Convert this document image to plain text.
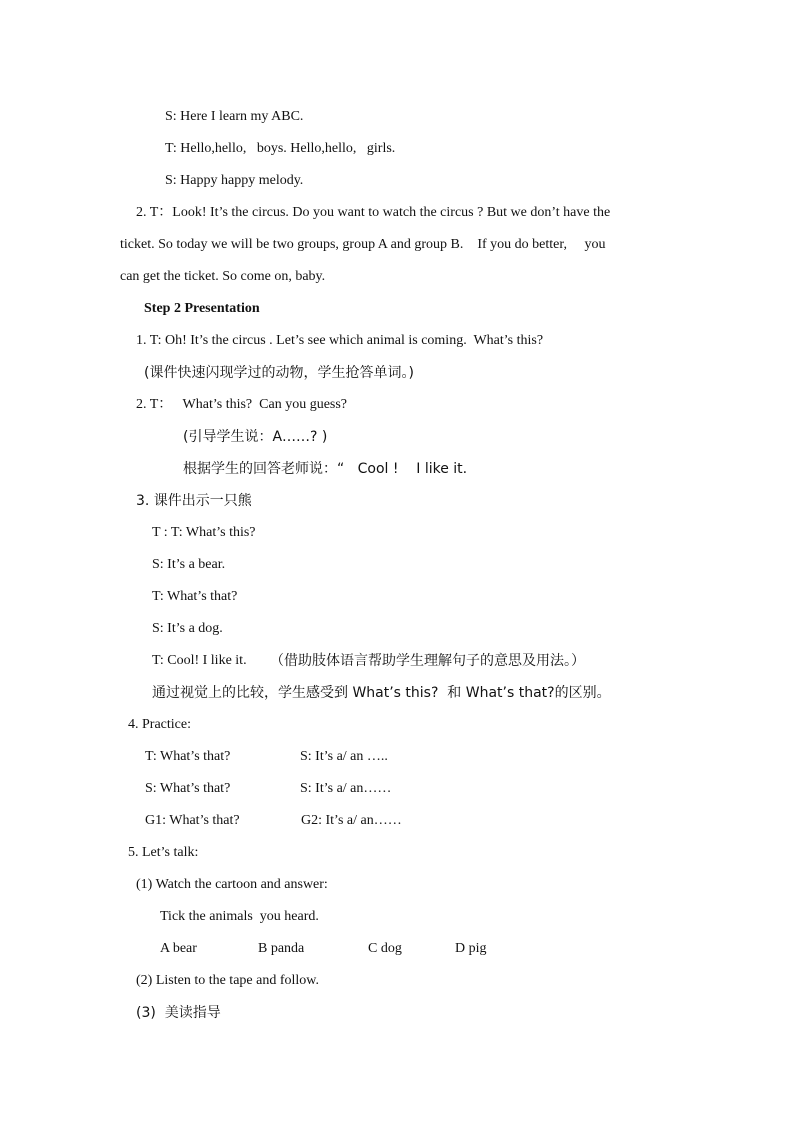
S: Here I learn my ABC.
T: Hello,hello,   boys. Hello,hello,   girls.
S: Happy happy melody.
2. T：Look! It’s the circus. Do you want to watch the circus ? But we don’t have the
ticket. So today we will be two groups, group A and group B.    If you do better,     you
can get the ticket. So come on, baby.
Step 2 Presentation
1. T: Oh! It’s the circus . Let’s see which animal is coming.  What’s this?
(课件快速闪现学过的动物，学生抢答单词。)
2. T：   What’s this?  Can you guess?
(引导学生说：A……? )
根据学生的回答老师说：“   Cool !    I like it.
3. 课件出示一只熊
T : T: What’s this?
S: It’s a bear.
T: What’s that?
S: It’s a dog.
T: Cool! I like it. （借助肢体语言帮助学生理解句子的意思及用法。）
通过视觉上的比较，学生感受到 What’s this?  和 What’s that?的区别。
4. Practice:
T: What’s that?	S: It’s a/ an …..
S: What’s that?	S: It’s a/ an……
G1: What’s that?	G2: It’s a/ an……
5. Let’s talk:
(1) Watch the cartoon and answer:
Tick the animals  you heard.
A bear	B panda	C dog	D pig
(2) Listen to the tape and follow.
(3)  美读指导
